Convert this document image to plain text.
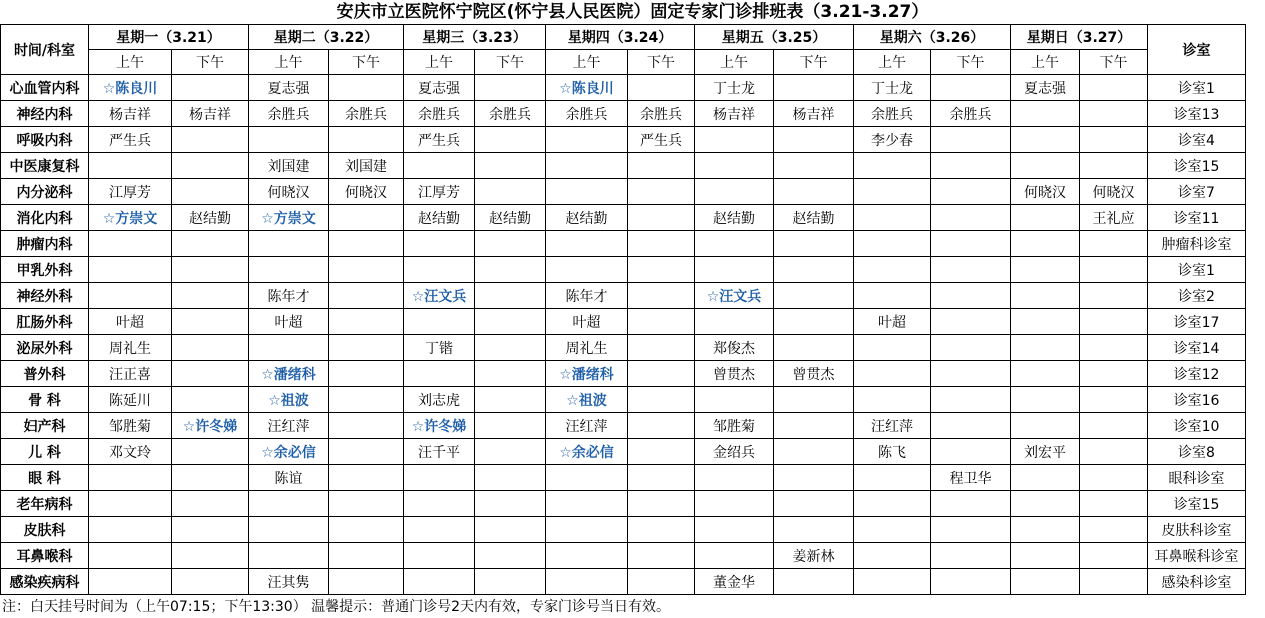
安庆市立医院怀宁院区(怀宁县人民医院）固定专家门诊排班表（3.21-3.27）
时间/科室	星期一（3.21）		星期二（3.22）		星期三（3.23）		星期四（3.24）		星期五（3.25）		星期六（3.26）		星期日（3.27）		诊室
	上午	下午	上午	下午	上午	下午	上午	下午	上午	下午	上午	下午	上午	下午	
心血管内科	☆陈良川		夏志强		夏志强		☆陈良川		丁士龙		丁士龙		夏志强		诊室1
神经内科	杨吉祥	杨吉祥	余胜兵	余胜兵	余胜兵	余胜兵	余胜兵	余胜兵	杨吉祥	杨吉祥	余胜兵	余胜兵			诊室13
呼吸内科	严生兵				严生兵			严生兵			李少春				诊室4
中医康复科			刘国建	刘国建											诊室15
内分泌科	江厚芳		何晓汉	何晓汉	江厚芳								何晓汉	何晓汉	诊室7
消化内科	☆方崇文	赵结勤	☆方崇文		赵结勤	赵结勤	赵结勤		赵结勤	赵结勤				王礼应	诊室11
肿瘤内科															肿瘤科诊室
甲乳外科															诊室1
神经外科			陈年才		☆汪文兵		陈年才		☆汪文兵						诊室2
肛肠外科	叶超		叶超				叶超				叶超				诊室17
泌尿外科	周礼生				丁锴		周礼生		郑俊杰						诊室14
普外科	汪正喜		☆潘绪科				☆潘绪科		曾贯杰	曾贯杰					诊室12
骨 科	陈延川		☆祖波		刘志虎		☆祖波								诊室16
妇产科	邹胜菊	☆许冬娣	汪红萍		☆许冬娣		汪红萍		邹胜菊		汪红萍				诊室10
儿 科	邓文玲		☆余必信		汪千平		☆余必信		金绍兵		陈飞		刘宏平		诊室8
眼 科			陈谊									程卫华			眼科诊室
老年病科															诊室15
皮肤科															皮肤科诊室
耳鼻喉科										姜新林					耳鼻喉科诊室
感染疾病科			汪其隽						董金华						感染科诊室
注：白天挂号时间为（上午07:15；下午13:30） 温馨提示：普通门诊号2天内有效，专家门诊号当日有效。
